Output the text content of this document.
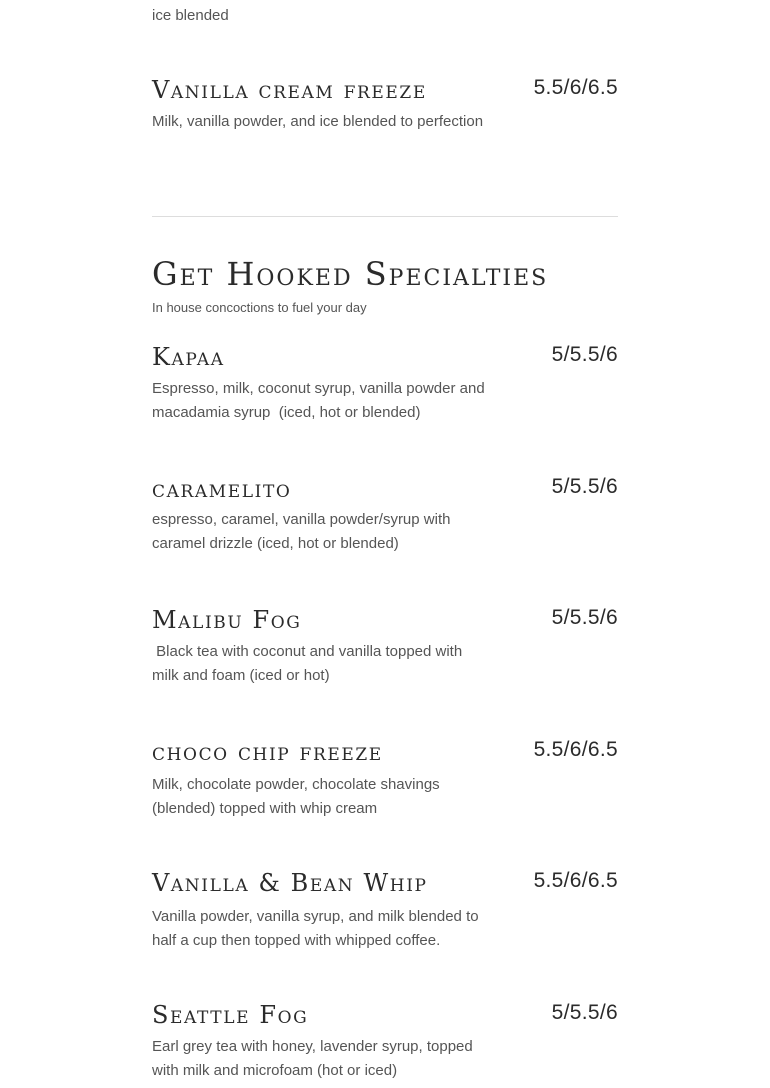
ice blended
Vanilla cream freeze	5.5/6/6.5
Milk, vanilla powder, and ice blended to perfection
Get Hooked Specialties
In house concoctions to fuel your day
Kapaa	5/5.5/6
Espresso, milk, coconut syrup, vanilla powder and macadamia syrup  (iced, hot or blended)
caramelito	5/5.5/6
espresso, caramel, vanilla powder/syrup with caramel drizzle (iced, hot or blended)
Malibu Fog	5/5.5/6
Black tea with coconut and vanilla topped with milk and foam (iced or hot)
choco chip freeze	5.5/6/6.5
Milk, chocolate powder, chocolate shavings (blended) topped with whip cream
Vanilla & Bean Whip	5.5/6/6.5
Vanilla powder, vanilla syrup, and milk blended to half a cup then topped with whipped coffee.
Seattle Fog	5/5.5/6
Earl grey tea with honey, lavender syrup, topped with milk and microfoam (hot or iced)
